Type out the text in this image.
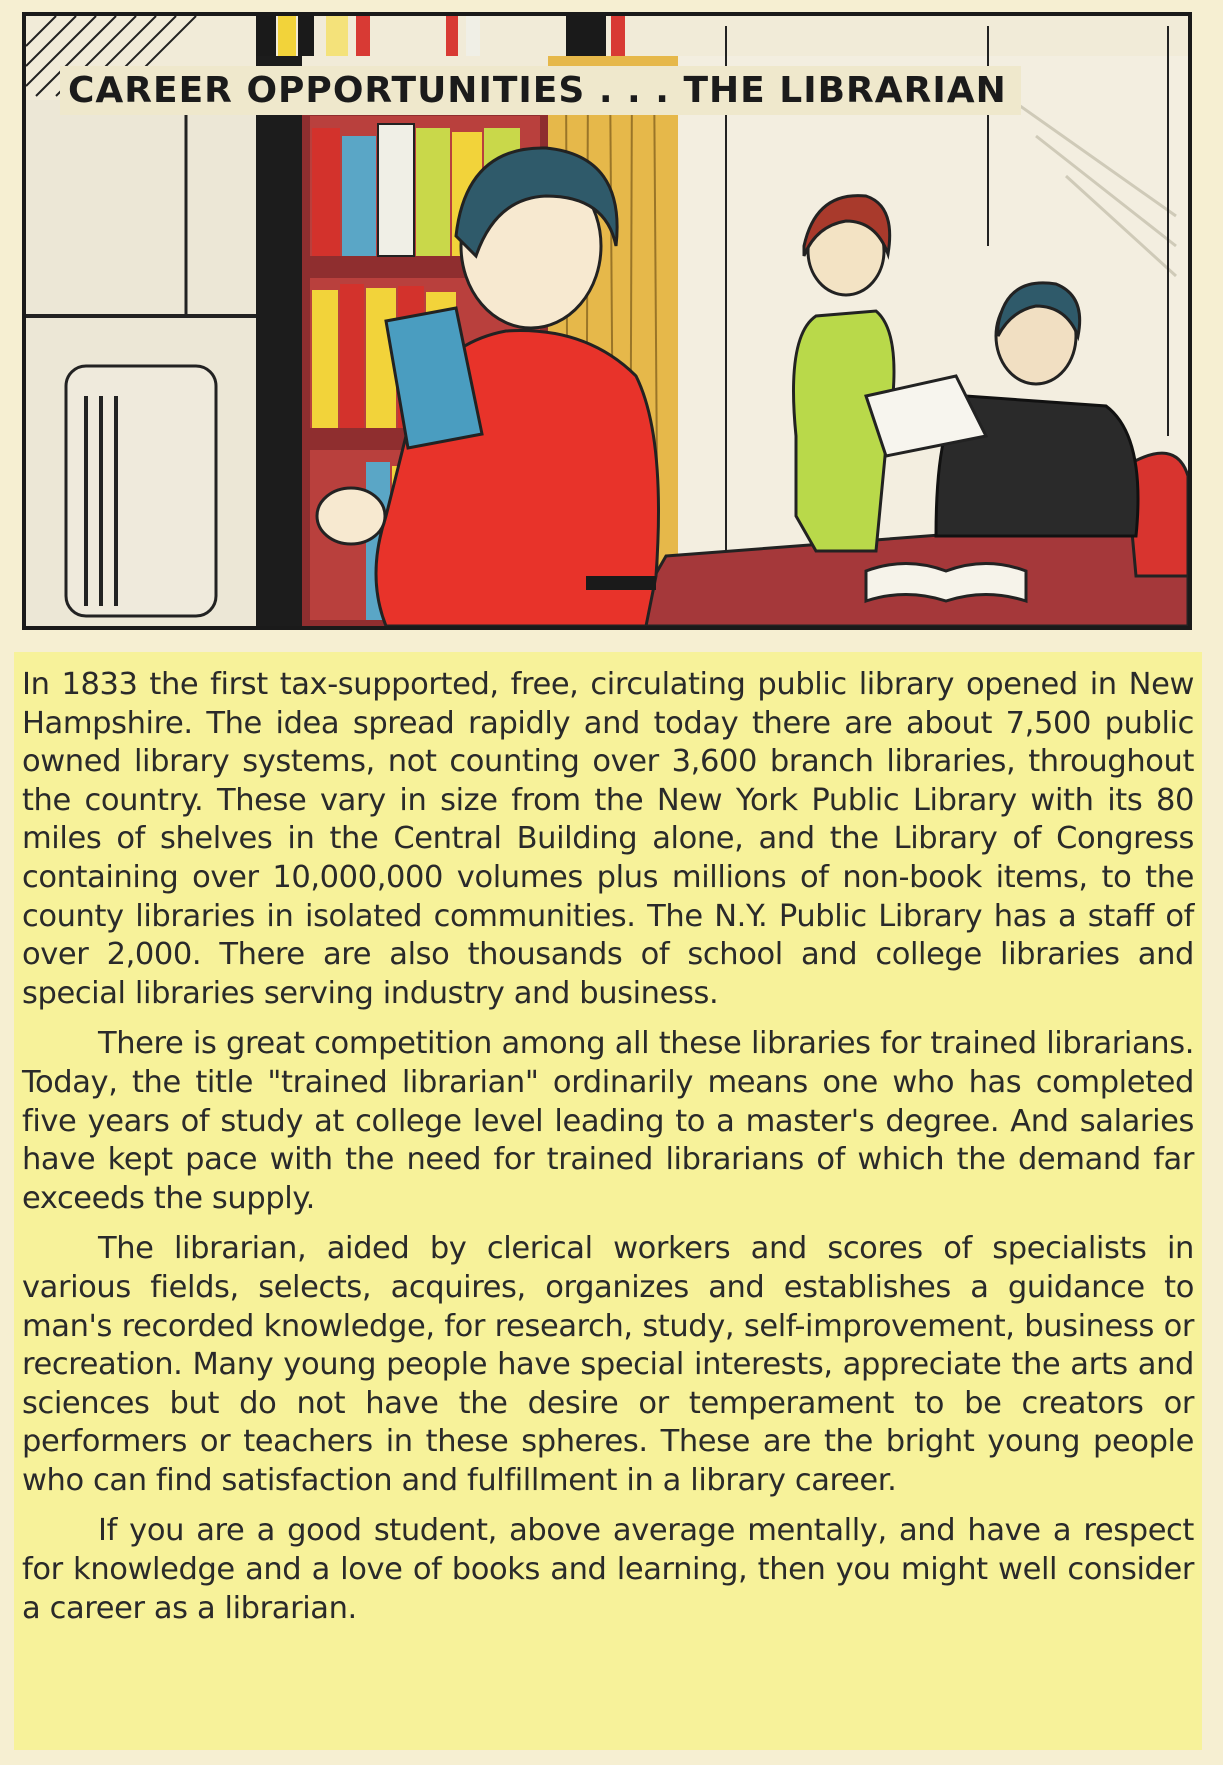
CAREER OPPORTUNITIES . . . THE LIBRARIAN

In 1833 the first tax-supported, free, circulating public library opened in New Hampshire. The idea spread rapidly and today there are about 7,500 public owned library systems, not counting over 3,600 branch libraries, throughout the country. These vary in size from the New York Public Library with its 80 miles of shelves in the Central Building alone, and the Library of Congress containing over 10,000,000 volumes plus millions of non-book items, to the county libraries in isolated communities. The N.Y. Public Library has a staff of over 2,000. There are also thousands of school and college libraries and special libraries serving industry and business.

There is great competition among all these libraries for trained librarians. Today, the title "trained librarian" ordinarily means one who has completed five years of study at college level leading to a master's degree. And salaries have kept pace with the need for trained librarians of which the demand far exceeds the supply.

The librarian, aided by clerical workers and scores of specialists in various fields, selects, acquires, organizes and establishes a guidance to man's recorded knowledge, for research, study, self-improvement, business or recreation. Many young people have special interests, appreciate the arts and sciences but do not have the desire or temperament to be creators or performers or teachers in these spheres. These are the bright young people who can find satisfaction and fulfillment in a library career.

If you are a good student, above average mentally, and have a respect for knowledge and a love of books and learning, then you might well consider a career as a librarian.
